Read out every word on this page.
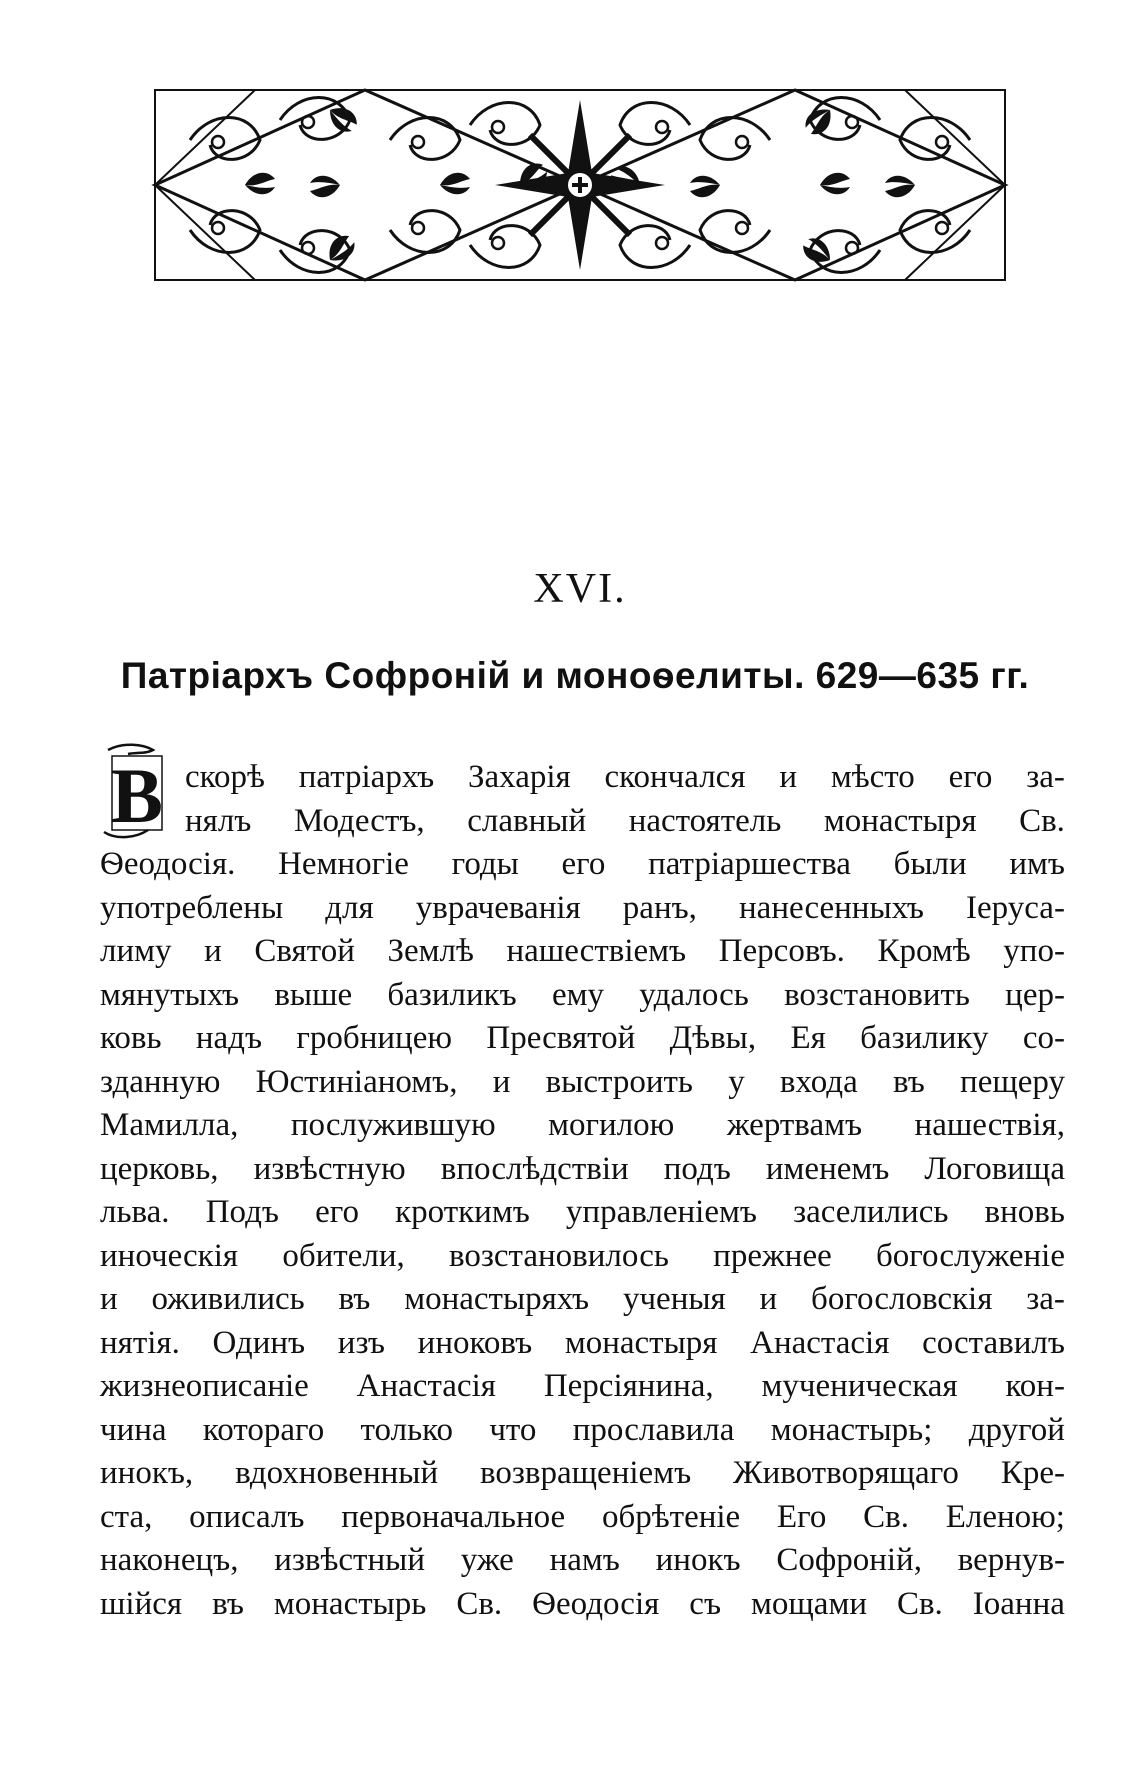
XVI.
Патріархъ Софроній и моноѳелиты. 629—635 гг.
В скорѣ патріархъ Захарія скончался и мѣсто его за-
нялъ Модестъ, славный настоятель монастыря Св.
Ѳеодосія. Немногіе годы его патріаршества были имъ
употреблены для уврачеванія ранъ, нанесенныхъ Іеруса-
лиму и Святой Землѣ нашествіемъ Персовъ. Кромѣ упо-
мянутыхъ выше базиликъ ему удалось возстановить цер-
ковь надъ гробницею Пресвятой Дѣвы, Ея базилику со-
зданную Юстиніаномъ, и выстроить у входа въ пещеру
Мамилла, послужившую могилою жертвамъ нашествія,
церковь, извѣстную впослѣдствіи подъ именемъ Логовища
льва. Подъ его кроткимъ управленіемъ заселились вновь
иноческія обители, возстановилось прежнее богослуженіе
и оживились въ монастыряхъ ученыя и богословскія за-
нятія. Одинъ изъ иноковъ монастыря Анастасія составилъ
жизнеописаніе Анастасія Персіянина, мученическая кон-
чина котораго только что прославила монастырь; другой
инокъ, вдохновенный возвращеніемъ Животворящаго Кре-
ста, описалъ первоначальное обрѣтеніе Его Св. Еленою;
наконецъ, извѣстный уже намъ инокъ Софроній, вернув-
шійся въ монастырь Св. Ѳеодосія съ мощами Св. Іоанна
